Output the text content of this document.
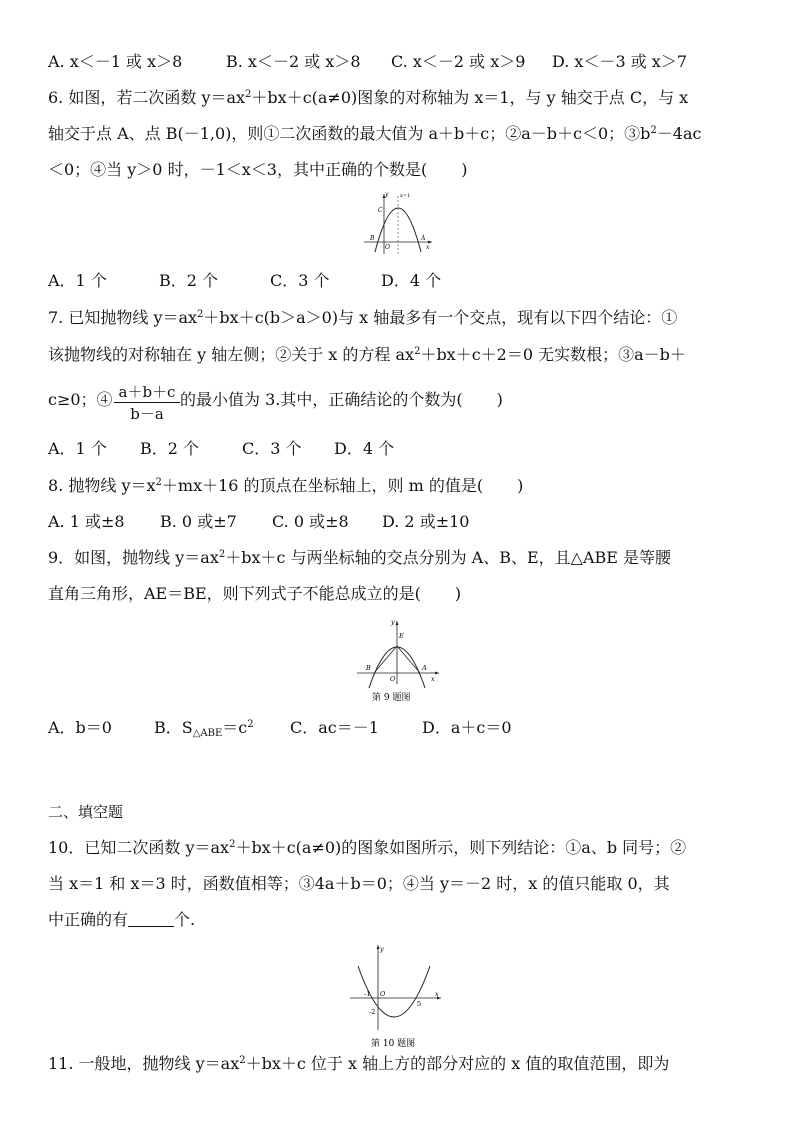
A. x＜－1 或 x＞8	B. x＜－2 或 x＞8 C. x＜－2 或 x＞9 D. x＜－3 或 x＞7
6. 如图，若二次函数 $y=ax^2+bx+c(a\ne 0)$图象的对称轴为 x＝1，与 y 轴交于点 C，与 x
轴交于点 A、点 B(－1,0)，则①二次函数的最大值为 a＋b＋c；②a－b＋c＜0；$③b^2-4ac$
＜0；④当 y＞0 时，－1＜x＜3，其中正确的个数是( )
y x=1
C
B
O
A
x
A．1 个	B．2 个	C．3 个	D．4 个
7. 已知抛物线 $y=ax^2+bx+c(b>a>0)$与 x 轴最多有一个交点，现有以下四个结论：①
该抛物线的对称轴在 y 轴左侧；②关于 x 的方程 $ax^2+bx+c+2=0$ 无实数根；③a－b＋
c≥0；④ $\frac{a+b+c}{b-a}$ 的最小值为 3.其中，正确结论的个数为( )
A．1 个 B．2 个	C．3 个 D．4 个
8. 抛物线 $y=x^2+mx+16$ 的顶点在坐标轴上，则 m 的值是( )
A. 1 或±8 B. 0 或±7 C. 0 或±8 D. 2 或±10
9．如图，抛物线 $y=ax^2+bx+c$ 与两坐标轴的交点分别为 A、B、E，且△ABE 是等腰
直角三角形，AE＝BE，则下列式子不能总成立的是( )
y
E
B	A
O	x
第 9 题图
A．b＝0	B．$S_{\triangle ABE}=c^2$ C．ac＝－1	D．a＋c＝0
二、填空题
10．已知二次函数 $y=ax^2+bx+c(a\ne 0)$的图象如图所示，则下列结论：①a、b 同号；②
当 x＝1 和 x＝3 时，函数值相等；③4a＋b＝0；④当 y＝－2 时，x 的值只能取 0，其
中正确的有	个.
y
-1 O
5
x
-2
第 10 题图
11. 一般地，抛物线 $y=ax^2+bx+c$ 位于 x 轴上方的部分对应的 x 值的取值范围，即为
